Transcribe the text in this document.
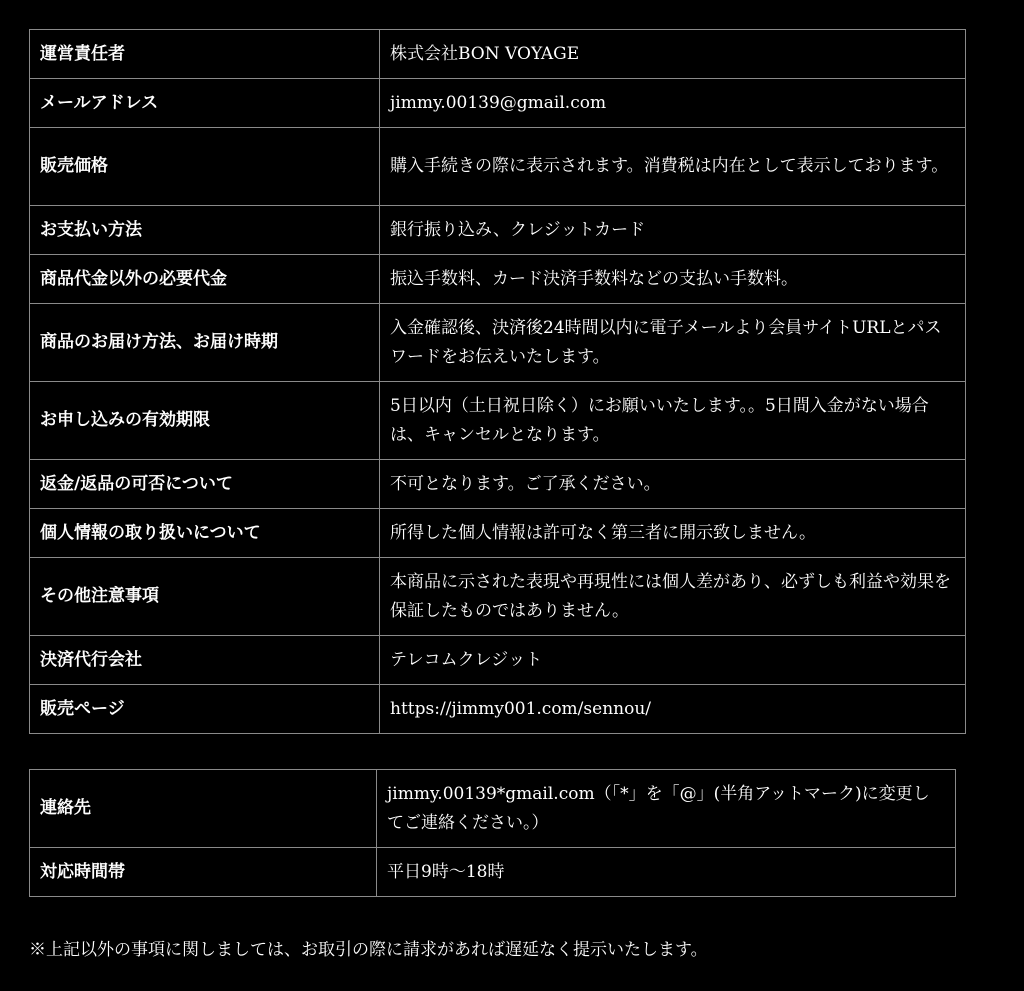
運営責任者	株式会社BON VOYAGE
メールアドレス	jimmy.00139@gmail.com
販売価格	購入手続きの際に表示されます。消費税は内在として表示しております。
お支払い方法	銀行振り込み、クレジットカード
商品代金以外の必要代金	振込手数料、カード決済手数料などの支払い手数料。
商品のお届け方法、お届け時期	入金確認後、決済後24時間以内に電子メールより会員サイトURLとパスワードをお伝えいたします。
お申し込みの有効期限	5日以内（土日祝日除く）にお願いいたします。。5日間入金がない場合は、キャンセルとなります。
返金/返品の可否について	不可となります。ご了承ください。
個人情報の取り扱いについて	所得した個人情報は許可なく第三者に開示致しません。
その他注意事項	本商品に示された表現や再現性には個人差があり、必ずしも利益や効果を保証したものではありません。
決済代行会社	テレコムクレジット
販売ページ	https://jimmy001.com/sennou/
連絡先	jimmy.00139*gmail.com（「*」を「@」(半角アットマーク)に変更してご連絡ください。）
対応時間帯	平日9時〜18時
※上記以外の事項に関しましては、お取引の際に請求があれば遅延なく提示いたします。
